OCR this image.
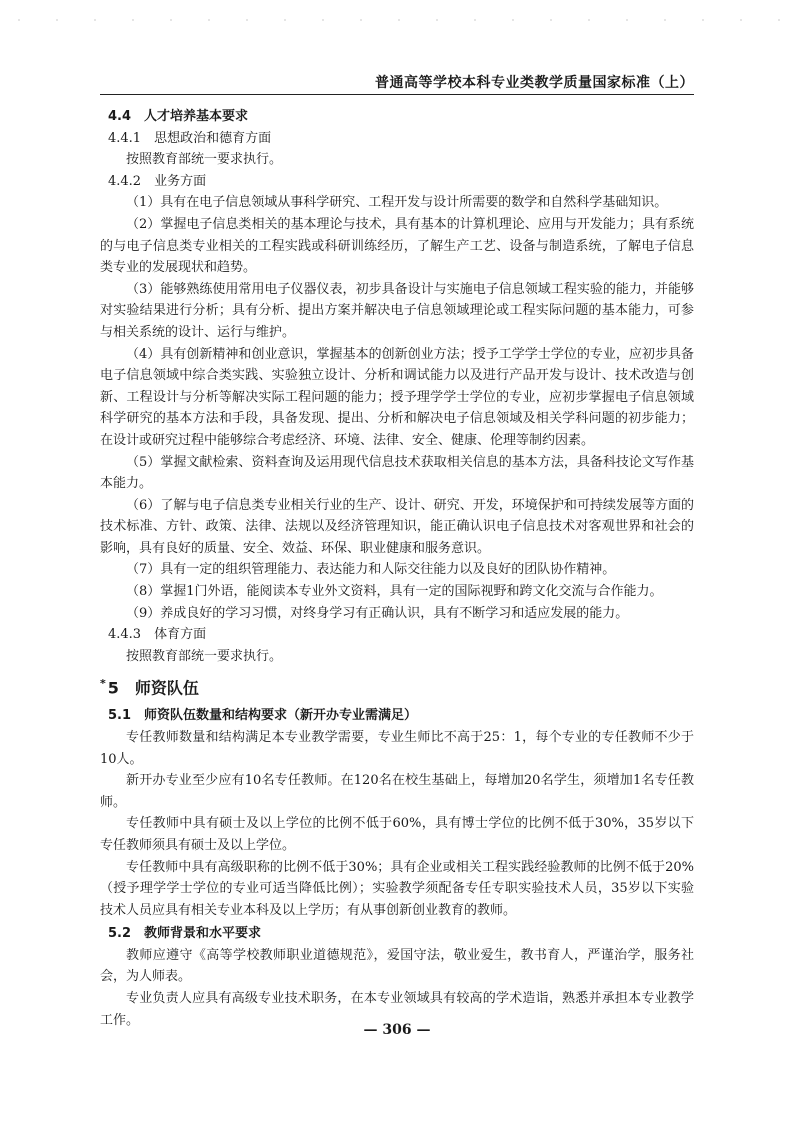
普通高等学校本科专业类教学质量国家标准（上）

4.4　人才培养基本要求

4.4.1　思想政治和德育方面

按照教育部统一要求执行。

4.4.2　业务方面

（1）具有在电子信息领域从事科学研究、工程开发与设计所需要的数学和自然科学基础知识。

（2）掌握电子信息类相关的基本理论与技术，具有基本的计算机理论、应用与开发能力；具有系统的与电子信息类专业相关的工程实践或科研训练经历，了解生产工艺、设备与制造系统，了解电子信息类专业的发展现状和趋势。

（3）能够熟练使用常用电子仪器仪表，初步具备设计与实施电子信息领域工程实验的能力，并能够对实验结果进行分析；具有分析、提出方案并解决电子信息领域理论或工程实际问题的基本能力，可参与相关系统的设计、运行与维护。

（4）具有创新精神和创业意识，掌握基本的创新创业方法；授予工学学士学位的专业，应初步具备电子信息领域中综合类实践、实验独立设计、分析和调试能力以及进行产品开发与设计、技术改造与创新、工程设计与分析等解决实际工程问题的能力；授予理学学士学位的专业，应初步掌握电子信息领域科学研究的基本方法和手段，具备发现、提出、分析和解决电子信息领域及相关学科问题的初步能力；在设计或研究过程中能够综合考虑经济、环境、法律、安全、健康、伦理等制约因素。

（5）掌握文献检索、资料查询及运用现代信息技术获取相关信息的基本方法，具备科技论文写作基本能力。

（6）了解与电子信息类专业相关行业的生产、设计、研究、开发，环境保护和可持续发展等方面的技术标准、方针、政策、法律、法规以及经济管理知识，能正确认识电子信息技术对客观世界和社会的影响，具有良好的质量、安全、效益、环保、职业健康和服务意识。

（7）具有一定的组织管理能力、表达能力和人际交往能力以及良好的团队协作精神。

（8）掌握1门外语，能阅读本专业外文资料，具有一定的国际视野和跨文化交流与合作能力。

（9）养成良好的学习习惯，对终身学习有正确认识，具有不断学习和适应发展的能力。

4.4.3　体育方面

按照教育部统一要求执行。

* 5　师资队伍

5.1　师资队伍数量和结构要求（新开办专业需满足）

专任教师数量和结构满足本专业教学需要，专业生师比不高于25：1，每个专业的专任教师不少于10人。

新开办专业至少应有10名专任教师。在120名在校生基础上，每增加20名学生，须增加1名专任教师。

专任教师中具有硕士及以上学位的比例不低于60%，具有博士学位的比例不低于30%，35岁以下专任教师须具有硕士及以上学位。

专任教师中具有高级职称的比例不低于30%；具有企业或相关工程实践经验教师的比例不低于20%（授予理学学士学位的专业可适当降低比例）；实验教学须配备专任专职实验技术人员，35岁以下实验技术人员应具有相关专业本科及以上学历；有从事创新创业教育的教师。

5.2　教师背景和水平要求

教师应遵守《高等学校教师职业道德规范》，爱国守法，敬业爱生，教书育人，严谨治学，服务社会，为人师表。

专业负责人应具有高级专业技术职务，在本专业领域具有较高的学术造诣，熟悉并承担本专业教学工作。

— 306 —
